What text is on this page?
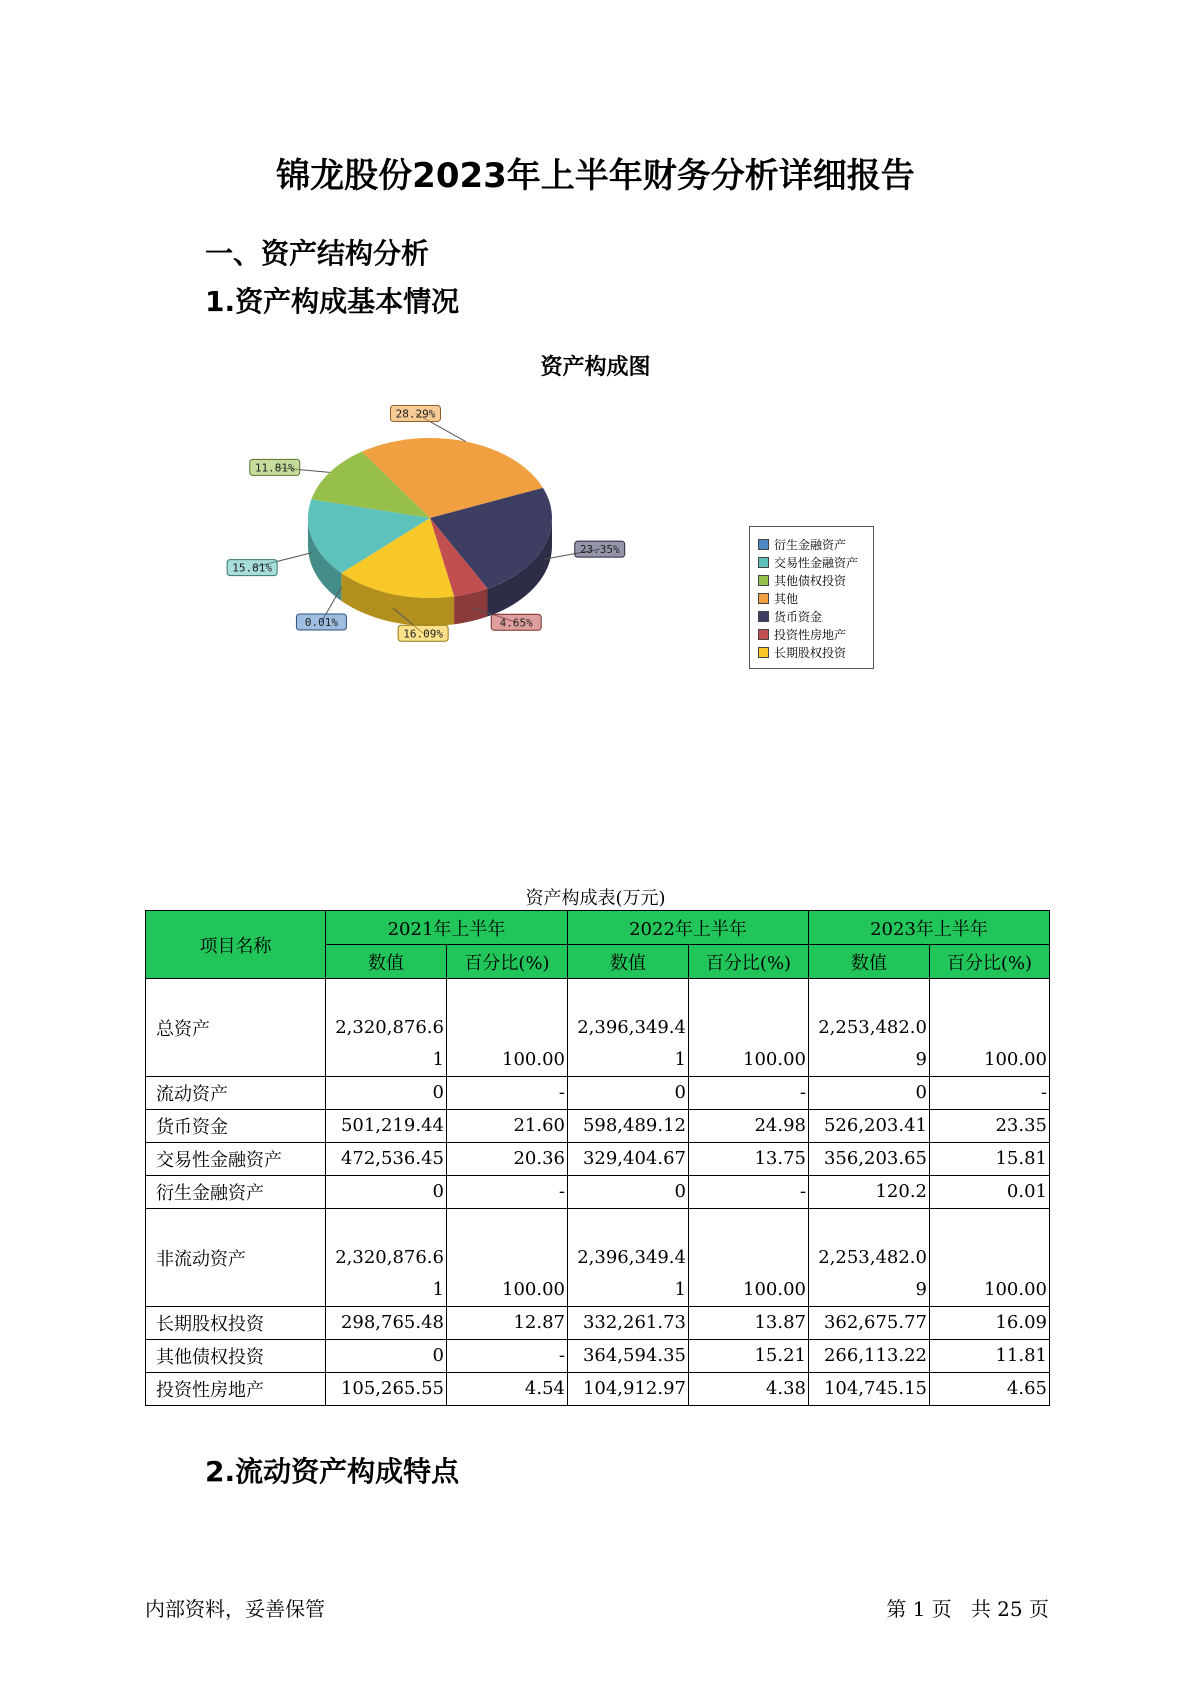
锦龙股份2023年上半年财务分析详细报告
一、资产结构分析
1.资产构成基本情况
资产构成图
28.29%
23.35%
4.65%
16.09%
0.01%
15.81%
11.81%
衍生金融资产
交易性金融资产
其他债权投资
其他
货币资金
投资性房地产
长期股权投资
资产构成表(万元)
项目名称	2021年上半年		2022年上半年		2023年上半年	
	数值	百分比(%)	数值	百分比(%)	数值	百分比(%)
总资产	2,320,876.61	100.00	2,396,349.41	100.00	2,253,482.09	100.00
流动资产	0	-	0	-	0	-
货币资金	501,219.44	21.60	598,489.12	24.98	526,203.41	23.35
交易性金融资产	472,536.45	20.36	329,404.67	13.75	356,203.65	15.81
衍生金融资产	0	-	0	-	120.2	0.01
非流动资产	2,320,876.61	100.00	2,396,349.41	100.00	2,253,482.09	100.00
长期股权投资	298,765.48	12.87	332,261.73	13.87	362,675.77	16.09
其他债权投资	0	-	364,594.35	15.21	266,113.22	11.81
投资性房地产	105,265.55	4.54	104,912.97	4.38	104,745.15	4.65
2.流动资产构成特点
内部资料，妥善保管	第 1 页   共 25 页
